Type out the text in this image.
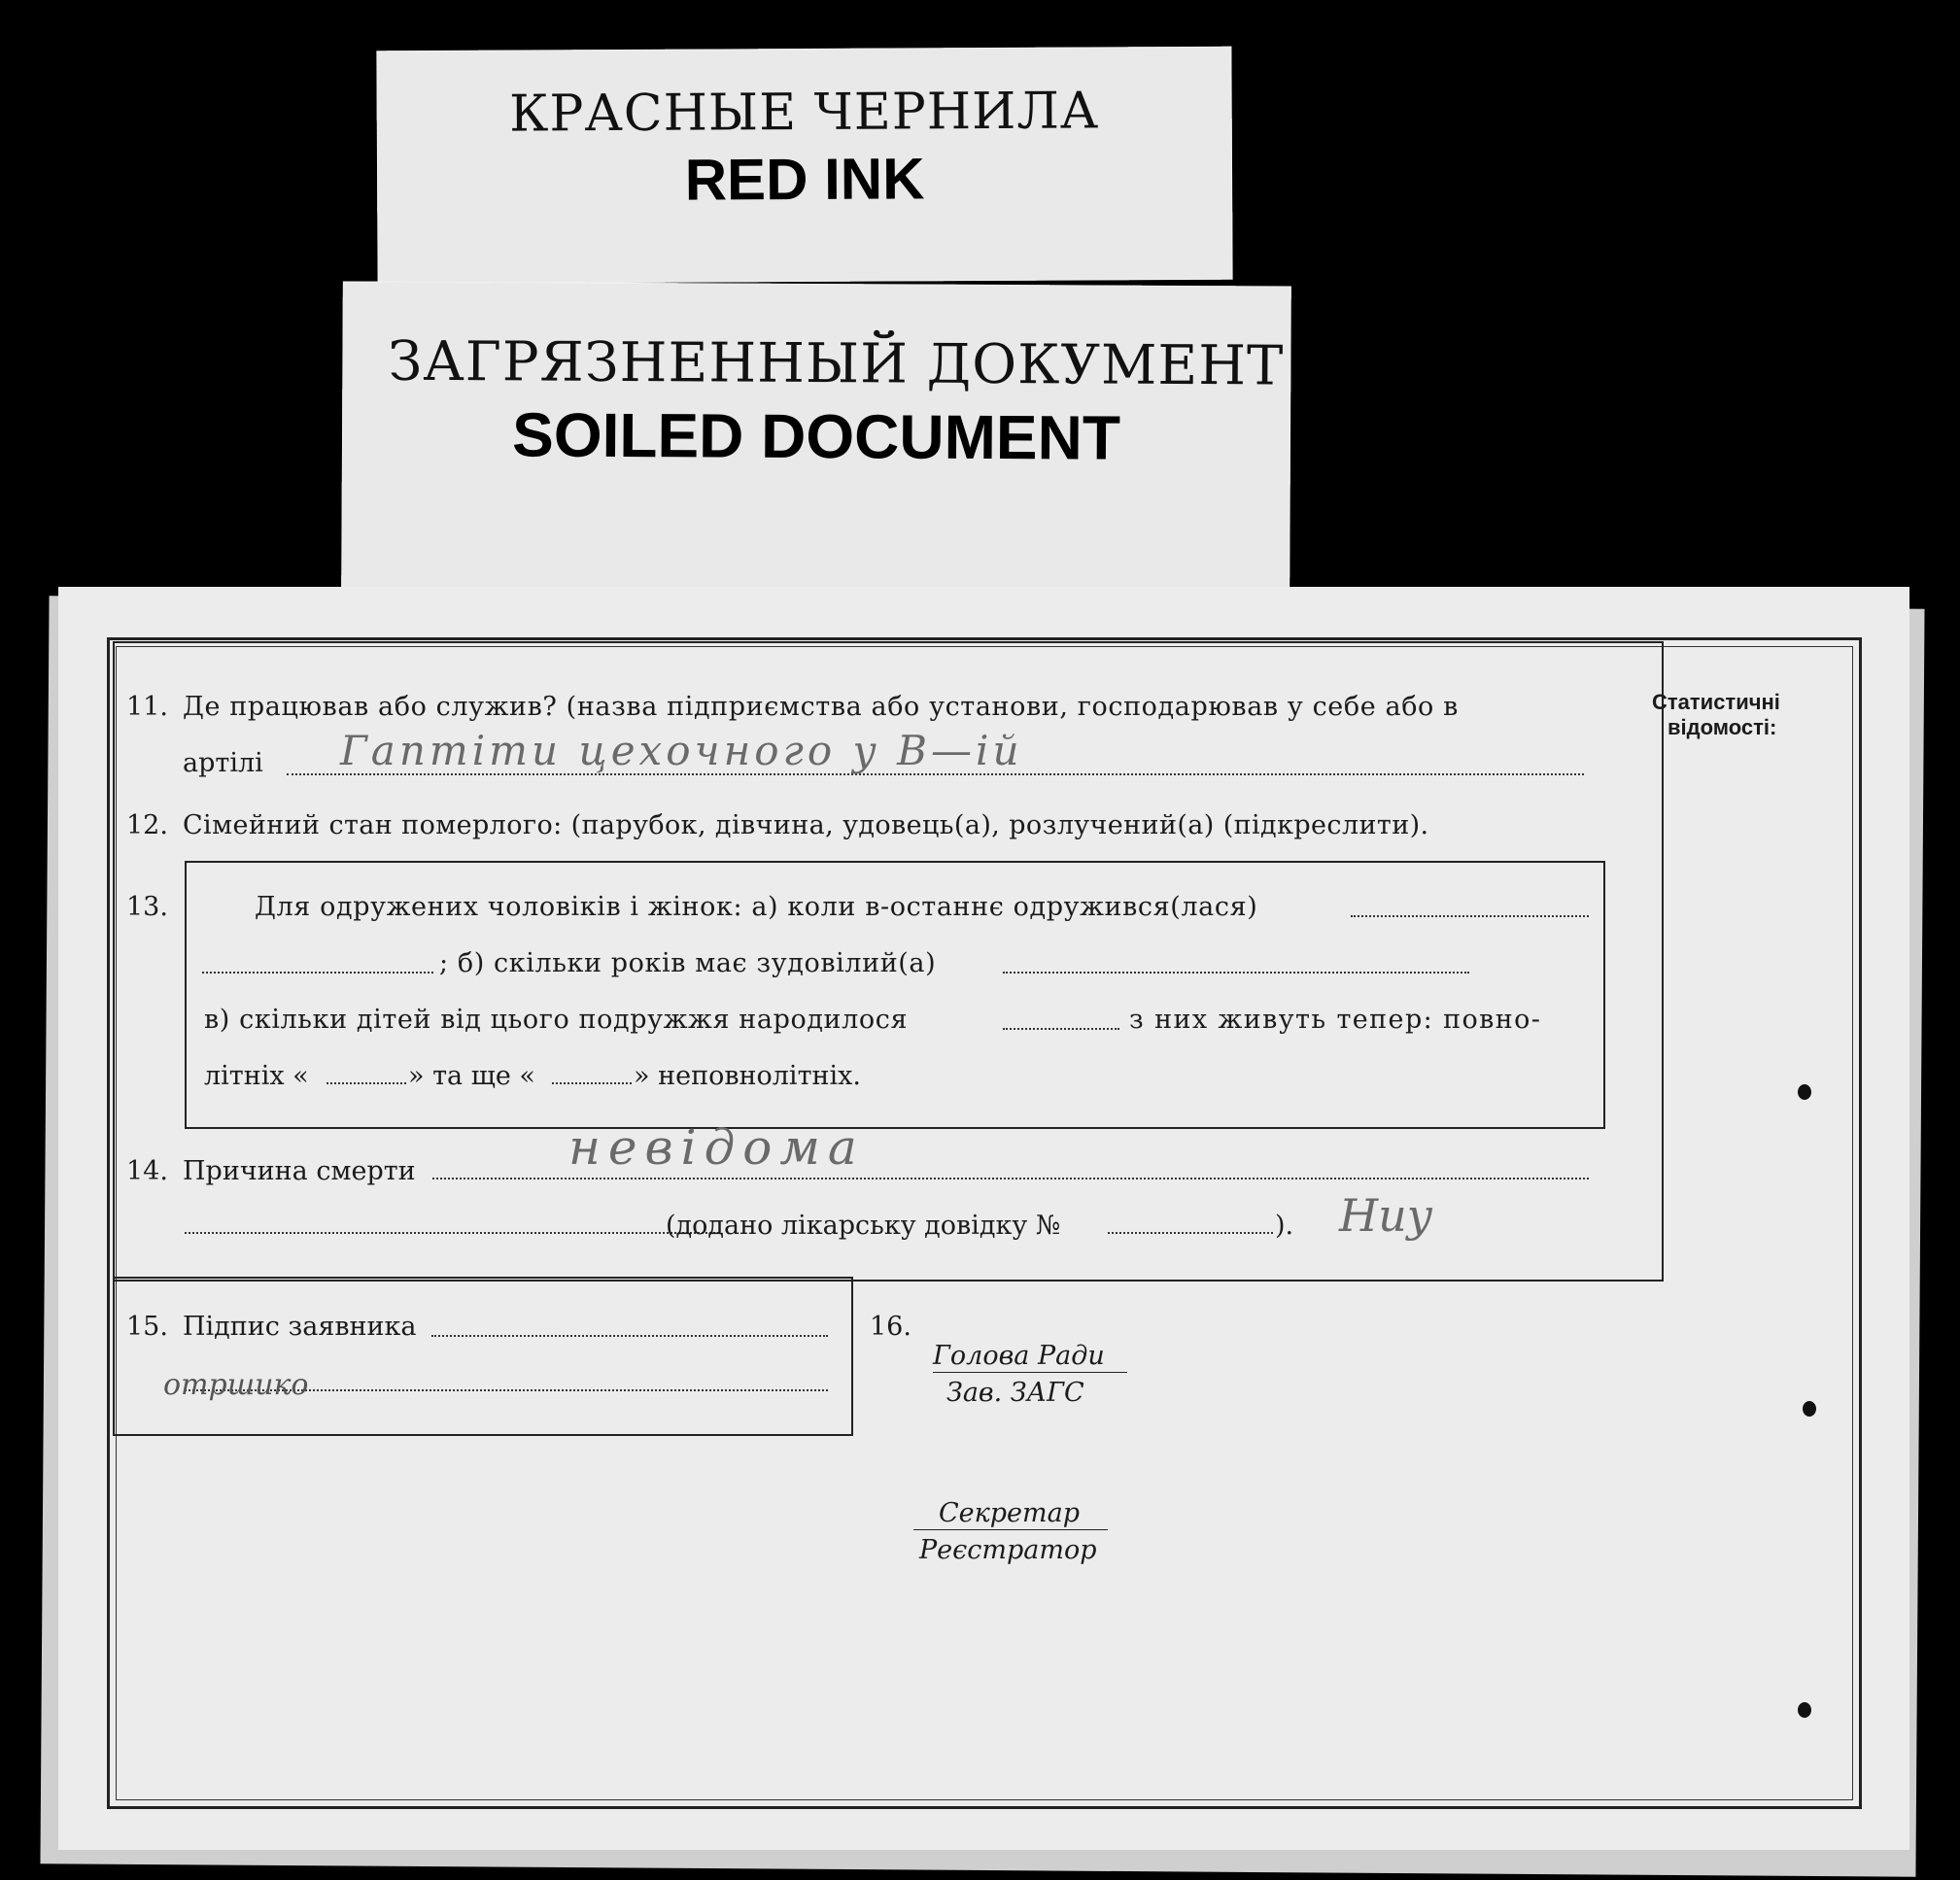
КРАСНЫЕ ЧЕРНИЛА
RED INK
ЗАГРЯЗНЕННЫЙ ДОКУМЕНТ
SOILED DOCUMENT
Статистичні
відомості:
11. Де працював або служив? (назва підприємства або установи, господарював у себе або в
артілі Гаптіти цехочного у В—ій
12. Сімейний стан померлого: (парубок, дівчина, удовець(а), розлучений(а) (підкреслити).
13.	Для одружених чоловіків і жінок: а) коли в-останнє одружився(лася)
; б) скільки років має зудовілий(а)
в) скільки дітей від цього подружжя народилося	з них живуть тепер: повно-
літніх «	» та ще «	» неповнолітніх.
14. Причина смерти	невідома
(додано лікарську довідку №	). Ниу
15. Підпис заявника
отршико
16.
Голова Ради
Зав. ЗАГС
Секретар
Реєстратор
